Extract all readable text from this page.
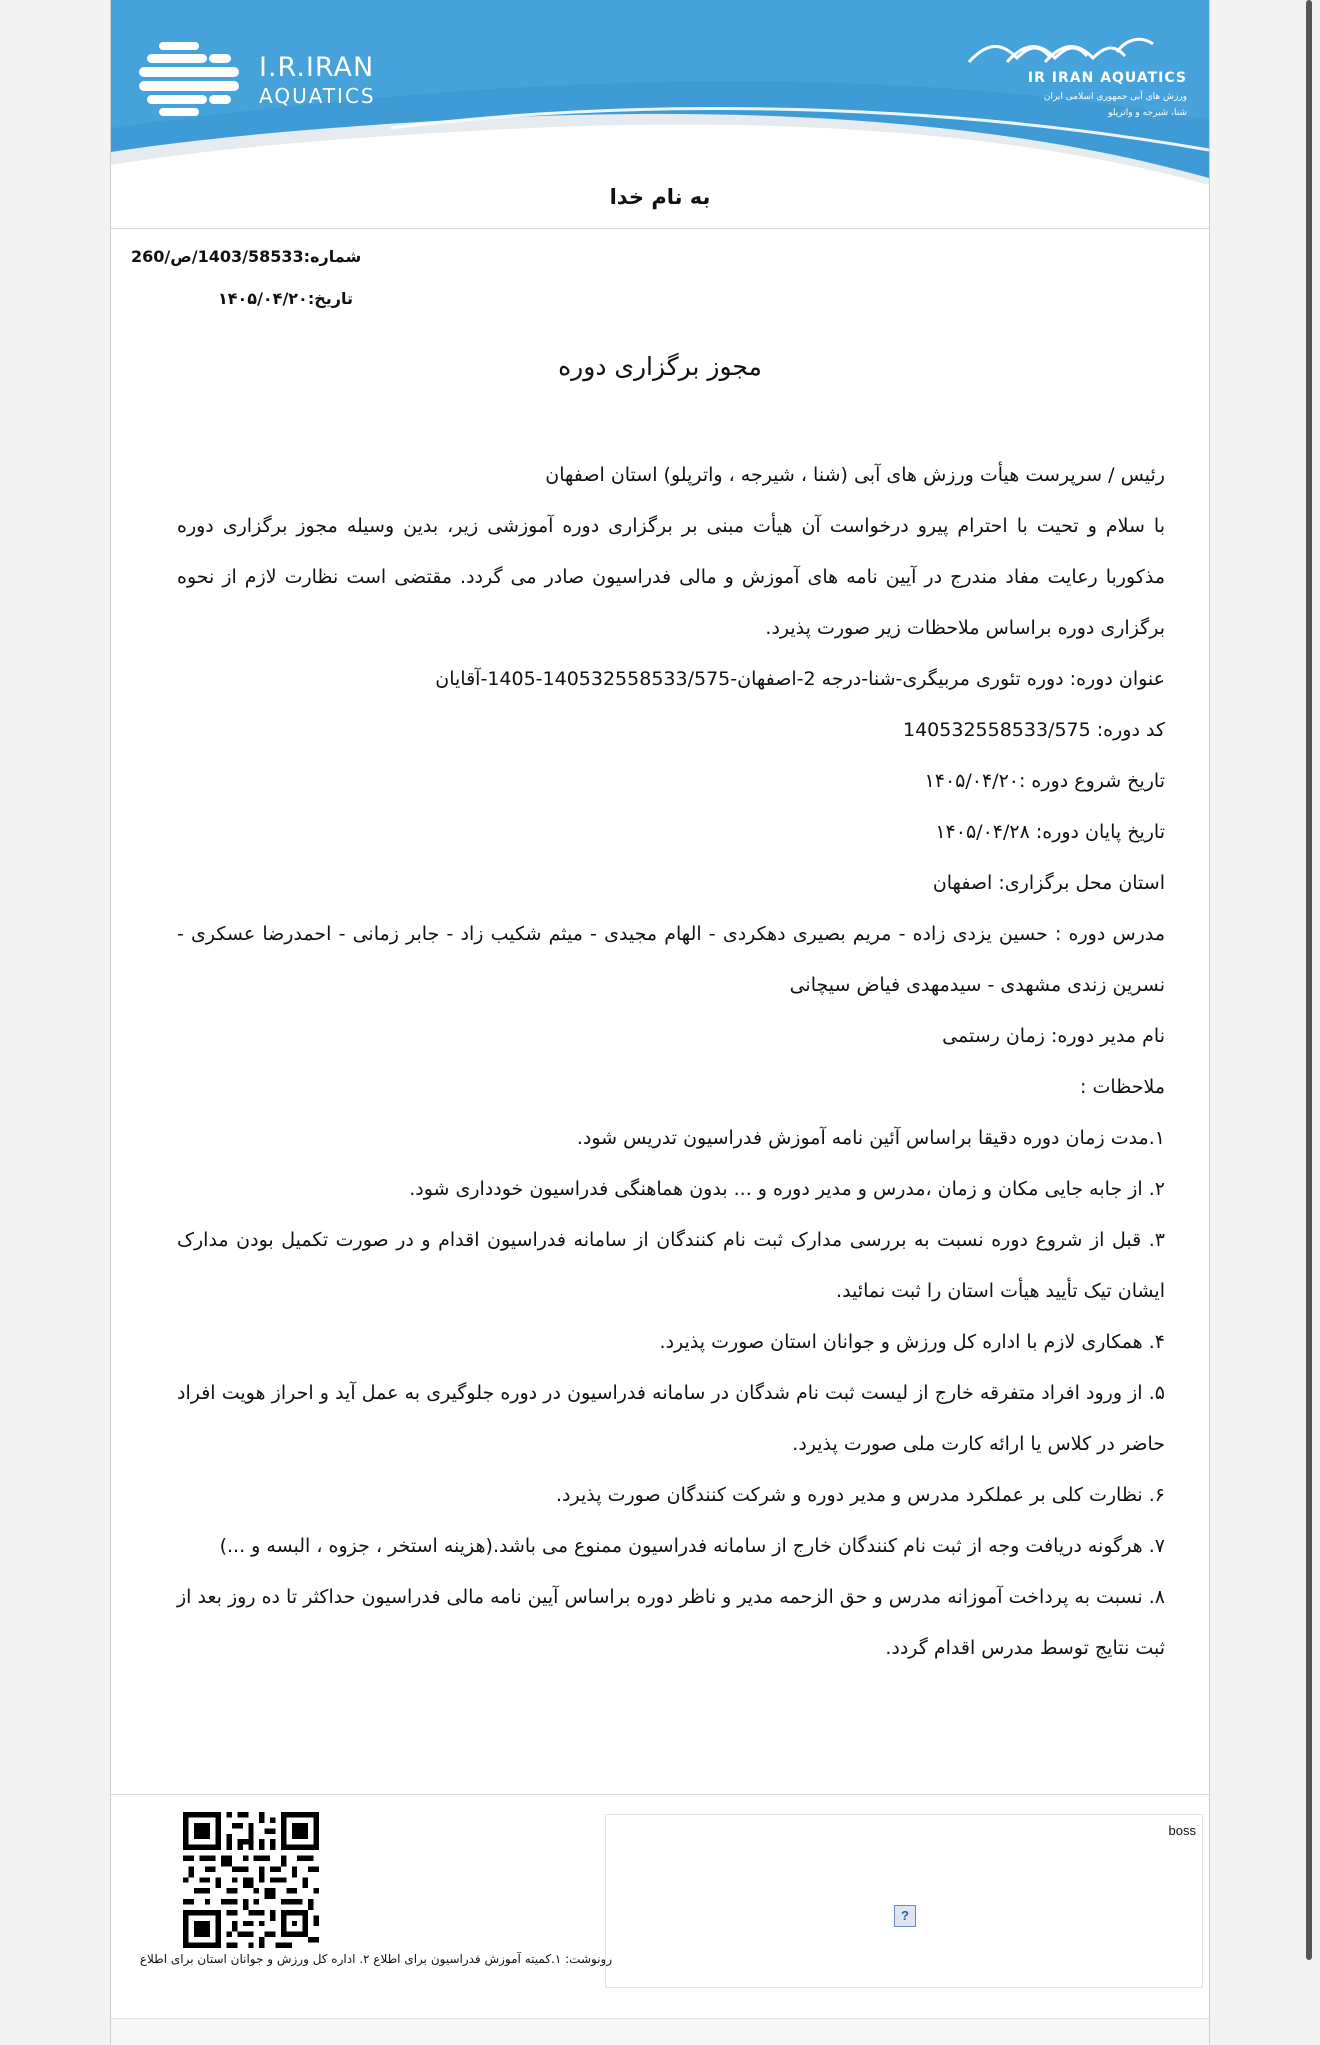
I.R.IRAN
AQUATICS
IR IRAN AQUATICS
ورزش های آبی جمهوری اسلامی ایران
شنا، شیرجه و واترپلو
به نام خدا
شماره:1403/58533/ص/260
تاریخ:۱۴۰۵/۰۴/۲۰
مجوز برگزاری دوره

رئیس / سرپرست هیأت ورزش های آبی (شنا ، شیرجه ، واترپلو) استان اصفهان

با سلام و تحیت با احترام پیرو درخواست آن هیأت مبنی بر برگزاری دوره آموزشی زیر، بدین وسیله مجوز برگزاری دوره مذکوربا رعایت مفاد مندرج در آیین نامه های آموزش و مالی فدراسیون صادر می گردد. مقتضی است نظارت لازم از نحوه برگزاری دوره براساس ملاحظات زیر صورت پذیرد.

عنوان دوره: دوره تئوری مربیگری-شنا-درجه 2-اصفهان-140532558533/575-1405-آقایان

کد دوره: 140532558533/575

تاریخ شروع دوره :۱۴۰۵/۰۴/۲۰

تاریخ پایان دوره: ۱۴۰۵/۰۴/۲۸

استان محل برگزاری: اصفهان

مدرس دوره : حسین یزدی زاده - مریم بصیری دهکردی - الهام مجیدی - میثم شکیب زاد - جابر زمانی - احمدرضا عسکری - نسرین زندی مشهدی - سیدمهدی فیاض سیچانی

نام مدیر دوره: زمان رستمی

ملاحظات :

۱.مدت زمان دوره دقیقا براساس آئین نامه آموزش فدراسیون تدریس شود.

۲. از جابه جایی مکان و زمان ،مدرس و مدیر دوره و ... بدون هماهنگی فدراسیون خودداری شود.

۳. قبل از شروع دوره نسبت به بررسی مدارک ثبت نام کنندگان از سامانه فدراسیون اقدام و در صورت تکمیل بودن مدارک ایشان تیک تأیید هیأت استان را ثبت نمائید.

۴. همکاری لازم با اداره کل ورزش و جوانان استان صورت پذیرد.

۵. از ورود افراد متفرقه خارج از لیست ثبت نام شدگان در سامانه فدراسیون در دوره جلوگیری به عمل آید و احراز هویت افراد حاضر در کلاس یا ارائه کارت ملی صورت پذیرد.

۶. نظارت کلی بر عملکرد مدرس و مدیر دوره و شرکت کنندگان صورت پذیرد.

۷. هرگونه دریافت وجه از ثبت نام کنندگان خارج از سامانه فدراسیون ممنوع می باشد.(هزینه استخر ، جزوه ، البسه و ...)

۸. نسبت به پرداخت آموزانه مدرس و حق الزحمه مدیر و ناظر دوره براساس آیین نامه مالی فدراسیون حداکثر تا ده روز بعد از ثبت نتایج توسط مدرس اقدام گردد.

رونوشت: ۱.کمیته آموزش فدراسیون برای اطلاع ۲. اداره کل ورزش و جوانان استان برای اطلاع
boss
?
